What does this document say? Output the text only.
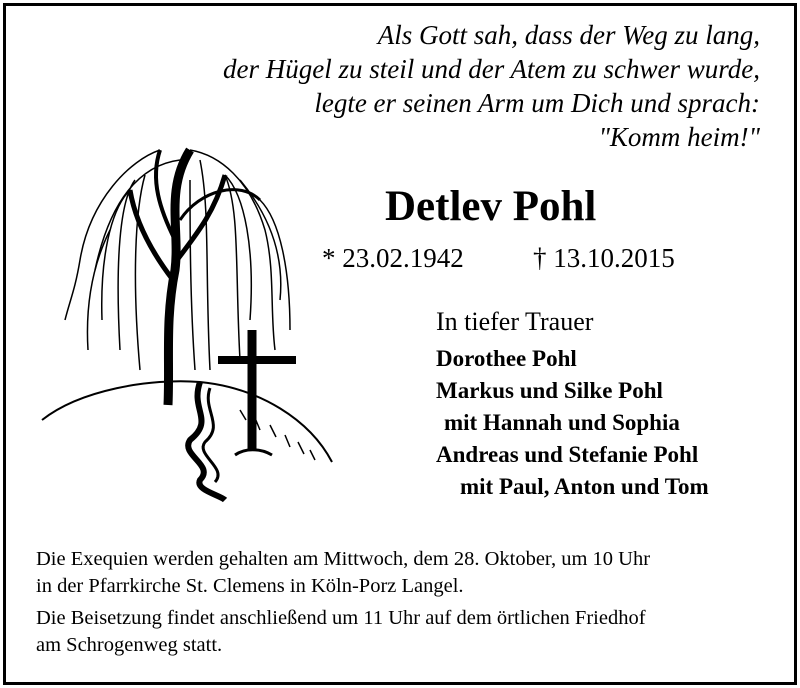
Als Gott sah, dass der Weg zu lang,
der Hügel zu steil und der Atem zu schwer wurde,
legte er seinen Arm um Dich und sprach:
"Komm heim!"
Detlev Pohl
* 23.02.1942	† 13.10.2015
In tiefer Trauer
Dorothee Pohl
Markus und Silke Pohl
mit Hannah und Sophia
Andreas und Stefanie Pohl
mit Paul, Anton und Tom

Die Exequien werden gehalten am Mittwoch, dem 28. Oktober, um 10 Uhr
in der Pfarrkirche St. Clemens in Köln-Porz Langel.

Die Beisetzung findet anschließend um 11 Uhr auf dem örtlichen Friedhof
am Schrogenweg statt.
